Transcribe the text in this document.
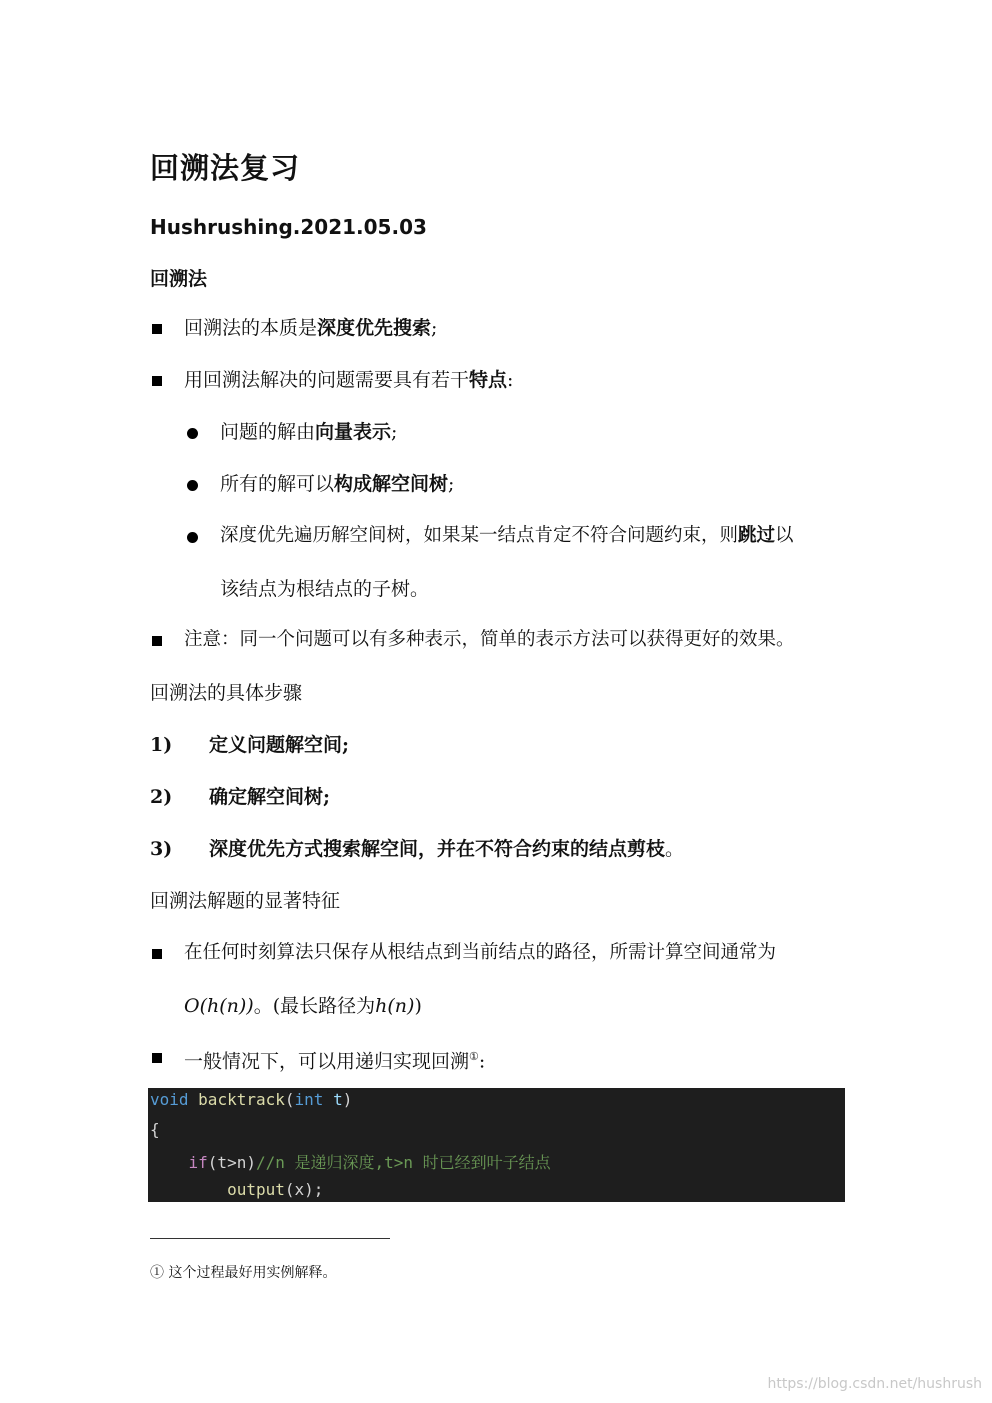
回溯法复习
Hushrushing.2021.05.03
回溯法
回溯法的本质是深度优先搜索;
用回溯法解决的问题需要具有若干特点:
问题的解由向量表示;
所有的解可以构成解空间树;
深度优先遍历解空间树，如果某一结点肯定不符合问题约束，则跳过以
该结点为根结点的子树。
注意：同一个问题可以有多种表示，简单的表示方法可以获得更好的效果。
回溯法的具体步骤
1) 定义问题解空间;
2) 确定解空间树;
3) 深度优先方式搜索解空间，并在不符合约束的结点剪枝。
回溯法解题的显著特征
在任何时刻算法只保存从根结点到当前结点的路径，所需计算空间通常为
O(h(n))。(最长路径为h(n))
一般情况下，可以用递归实现回溯①:
void backtrack(int t)
{
if(t>n)//n 是递归深度,t>n 时已经到叶子结点
output(x);
① 这个过程最好用实例解释。
https://blog.csdn.net/hushrush
